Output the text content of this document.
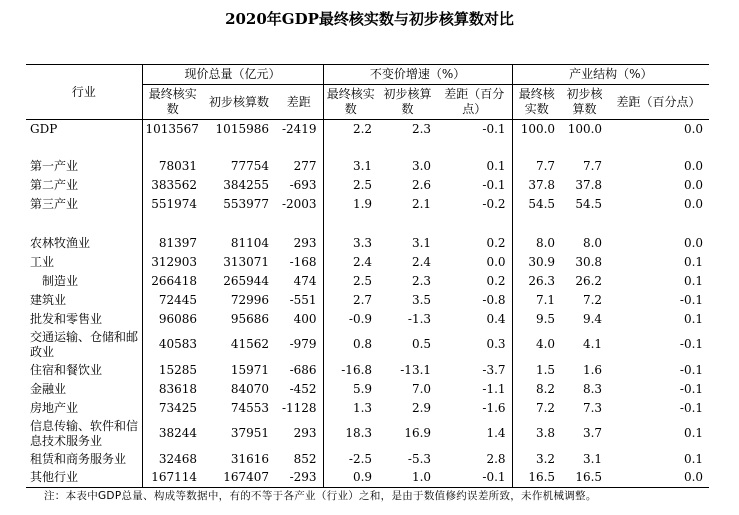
2020年GDP最终核实数与初步核算数对比
行业	现价总量（亿元）			不变价增速（%）			产业结构（%）		
	最终核实数	初步核算数	差距	最终核实数	初步核算数	差距（百分点）	最终核实数	初步核算数	差距（百分点）
GDP	1013567	1015986	-2419	2.2	2.3	-0.1	100.0	100.0	0.0

第一产业	78031	77754	277	3.1	3.0	0.1	7.7	7.7	0.0
第二产业	383562	384255	-693	2.5	2.6	-0.1	37.8	37.8	0.0
第三产业	551974	553977	-2003	1.9	2.1	-0.2	54.5	54.5	0.0

农林牧渔业	81397	81104	293	3.3	3.1	0.2	8.0	8.0	0.0
工业	312903	313071	-168	2.4	2.4	0.0	30.9	30.8	0.1
制造业	266418	265944	474	2.5	2.3	0.2	26.3	26.2	0.1
建筑业	72445	72996	-551	2.7	3.5	-0.8	7.1	7.2	-0.1
批发和零售业	96086	95686	400	-0.9	-1.3	0.4	9.5	9.4	0.1
交通运输、仓储和邮政业	40583	41562	-979	0.8	0.5	0.3	4.0	4.1	-0.1
住宿和餐饮业	15285	15971	-686	-16.8	-13.1	-3.7	1.5	1.6	-0.1
金融业	83618	84070	-452	5.9	7.0	-1.1	8.2	8.3	-0.1
房地产业	73425	74553	-1128	1.3	2.9	-1.6	7.2	7.3	-0.1
信息传输、软件和信息技术服务业	38244	37951	293	18.3	16.9	1.4	3.8	3.7	0.1
租赁和商务服务业	32468	31616	852	-2.5	-5.3	2.8	3.2	3.1	0.1
其他行业	167114	167407	-293	0.9	1.0	-0.1	16.5	16.5	0.0
注：本表中GDP总量、构成等数据中，有的不等于各产业（行业）之和，是由于数值修约误差所致，未作机械调整。
